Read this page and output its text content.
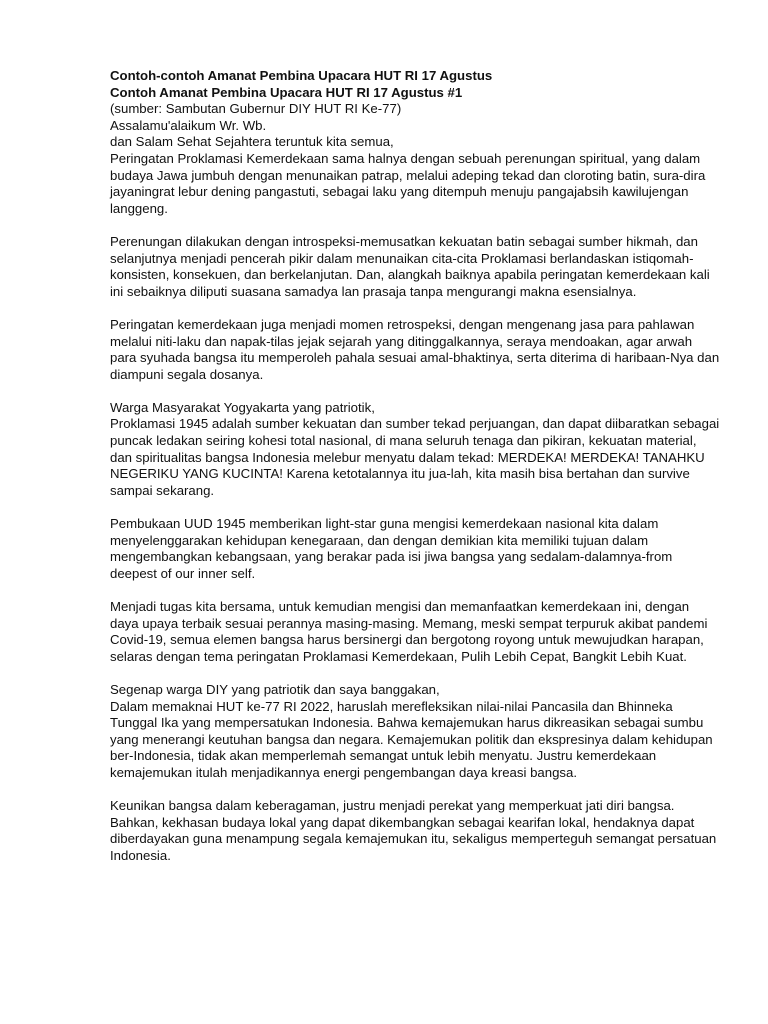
Contoh-contoh Amanat Pembina Upacara HUT RI 17 Agustus

Contoh Amanat Pembina Upacara HUT RI 17 Agustus #1

(sumber: Sambutan Gubernur DIY HUT RI Ke-77)

Assalamu'alaikum Wr. Wb.

dan Salam Sehat Sejahtera teruntuk kita semua,

Peringatan Proklamasi Kemerdekaan sama halnya dengan sebuah perenungan spiritual, yang dalam budaya Jawa jumbuh dengan menunaikan patrap, melalui adeping tekad dan cloroting batin, sura-dira jayaningrat lebur dening pangastuti, sebagai laku yang ditempuh menuju pangajabsih kawilujengan langgeng.

Perenungan dilakukan dengan introspeksi-memusatkan kekuatan batin sebagai sumber hikmah, dan selanjutnya menjadi pencerah pikir dalam menunaikan cita-cita Proklamasi berlandaskan istiqomah-konsisten, konsekuen, dan berkelanjutan. Dan, alangkah baiknya apabila peringatan kemerdekaan kali ini sebaiknya diliputi suasana samadya lan prasaja tanpa mengurangi makna esensialnya.

Peringatan kemerdekaan juga menjadi momen retrospeksi, dengan mengenang jasa para pahlawan melalui niti-laku dan napak-tilas jejak sejarah yang ditinggalkannya, seraya mendoakan, agar arwah para syuhada bangsa itu memperoleh pahala sesuai amal-bhaktinya, serta diterima di haribaan-Nya dan diampuni segala dosanya.

Warga Masyarakat Yogyakarta yang patriotik,

Proklamasi 1945 adalah sumber kekuatan dan sumber tekad perjuangan, dan dapat diibaratkan sebagai puncak ledakan seiring kohesi total nasional, di mana seluruh tenaga dan pikiran, kekuatan material, dan spiritualitas bangsa Indonesia melebur menyatu dalam tekad: MERDEKA! MERDEKA! TANAHKU NEGERIKU YANG KUCINTA! Karena ketotalannya itu jua-lah, kita masih bisa bertahan dan survive sampai sekarang.

Pembukaan UUD 1945 memberikan light-star guna mengisi kemerdekaan nasional kita dalam menyelenggarakan kehidupan kenegaraan, dan dengan demikian kita memiliki tujuan dalam mengembangkan kebangsaan, yang berakar pada isi jiwa bangsa yang sedalam-dalamnya-from deepest of our inner self.

Menjadi tugas kita bersama, untuk kemudian mengisi dan memanfaatkan kemerdekaan ini, dengan daya upaya terbaik sesuai perannya masing-masing. Memang, meski sempat terpuruk akibat pandemi Covid-19, semua elemen bangsa harus bersinergi dan bergotong royong untuk mewujudkan harapan, selaras dengan tema peringatan Proklamasi Kemerdekaan, Pulih Lebih Cepat, Bangkit Lebih Kuat.

Segenap warga DIY yang patriotik dan saya banggakan,

Dalam memaknai HUT ke-77 RI 2022, haruslah merefleksikan nilai-nilai Pancasila dan Bhinneka Tunggal Ika yang mempersatukan Indonesia. Bahwa kemajemukan harus dikreasikan sebagai sumbu yang menerangi keutuhan bangsa dan negara. Kemajemukan politik dan ekspresinya dalam kehidupan ber-Indonesia, tidak akan memperlemah semangat untuk lebih menyatu. Justru kemerdekaan kemajemukan itulah menjadikannya energi pengembangan daya kreasi bangsa.

Keunikan bangsa dalam keberagaman, justru menjadi perekat yang memperkuat jati diri bangsa. Bahkan, kekhasan budaya lokal yang dapat dikembangkan sebagai kearifan lokal, hendaknya dapat diberdayakan guna menampung segala kemajemukan itu, sekaligus memperteguh semangat persatuan Indonesia.
